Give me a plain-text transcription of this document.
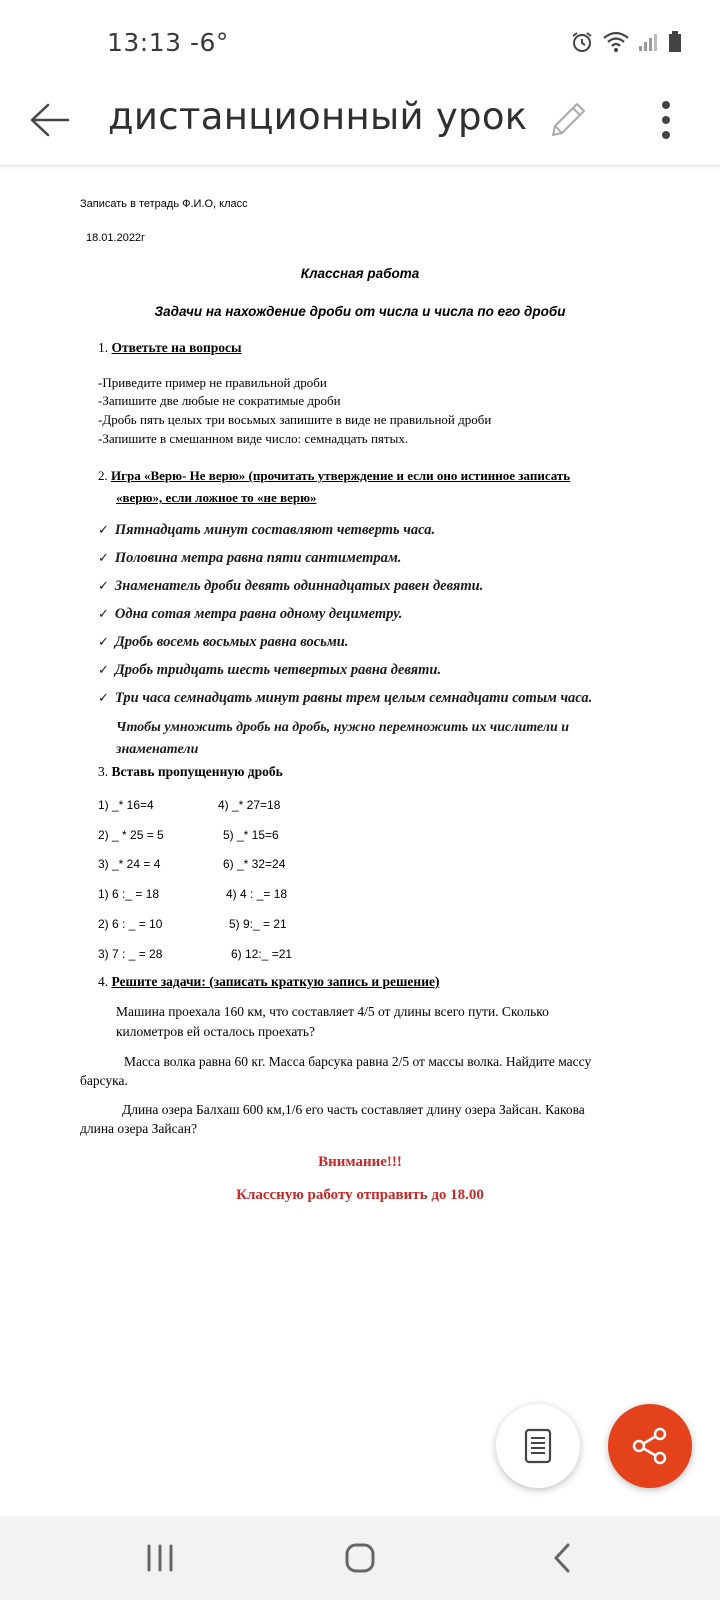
13:13 -6°
дистанционный урок
Записать в тетрадь Ф.И.О, класс
18.01.2022г
Классная работа
Задачи на нахождение дроби от числа и числа по его дроби
1. Ответьте на вопросы
-Приведите пример не правильной дроби
-Запишите две любые не сократимые дроби
-Дробь пять целых три восьмых запишите в виде не правильной дроби
-Запишите в смешанном виде число: семнадцать пятых.
2. Игра «Верю- Не верю» (прочитать утверждение и если оно истинное записать
«верю», если ложное то «не верю»
✓ Пятнадцать минут составляют четверть часа.
✓ Половина метра равна пяти сантиметрам.
✓ Знаменатель дроби девять одиннадцатых равен девяти.
✓ Одна сотая метра равна одному дециметру.
✓ Дробь восемь восьмых равна восьми.
✓ Дробь тридцать шесть четвертых равна девяти.
✓ Три часа семнадцать минут равны трем целым семнадцати сотым часа.
Чтобы умножить дробь на дробь, нужно перемножить их числители и
знаменатели
3. Вставь пропущенную дробь
1) _* 16=4
2) _ * 25 = 5
3) _* 24 = 4
1) 6 :_ = 18
2) 6 : _ = 10
3) 7 : _ = 28
4) _* 27=18
5) _* 15=6
6) _* 32=24
4) 4 : _= 18
5) 9:_ = 21
6) 12:_ =21
4. Решите задачи: (записать краткую запись и решение)
Машина проехала 160 км, что составляет 4/5 от длины всего пути. Сколько
километров ей осталось проехать?
Масса волка равна 60 кг. Масса барсука равна 2/5 от массы волка. Найдите массу
барсука.
Длина озера Балхаш 600 км,1/6 его часть составляет длину озера Зайсан. Какова
длина озера Зайсан?
Внимание!!!
Классную работу отправить до 18.00
